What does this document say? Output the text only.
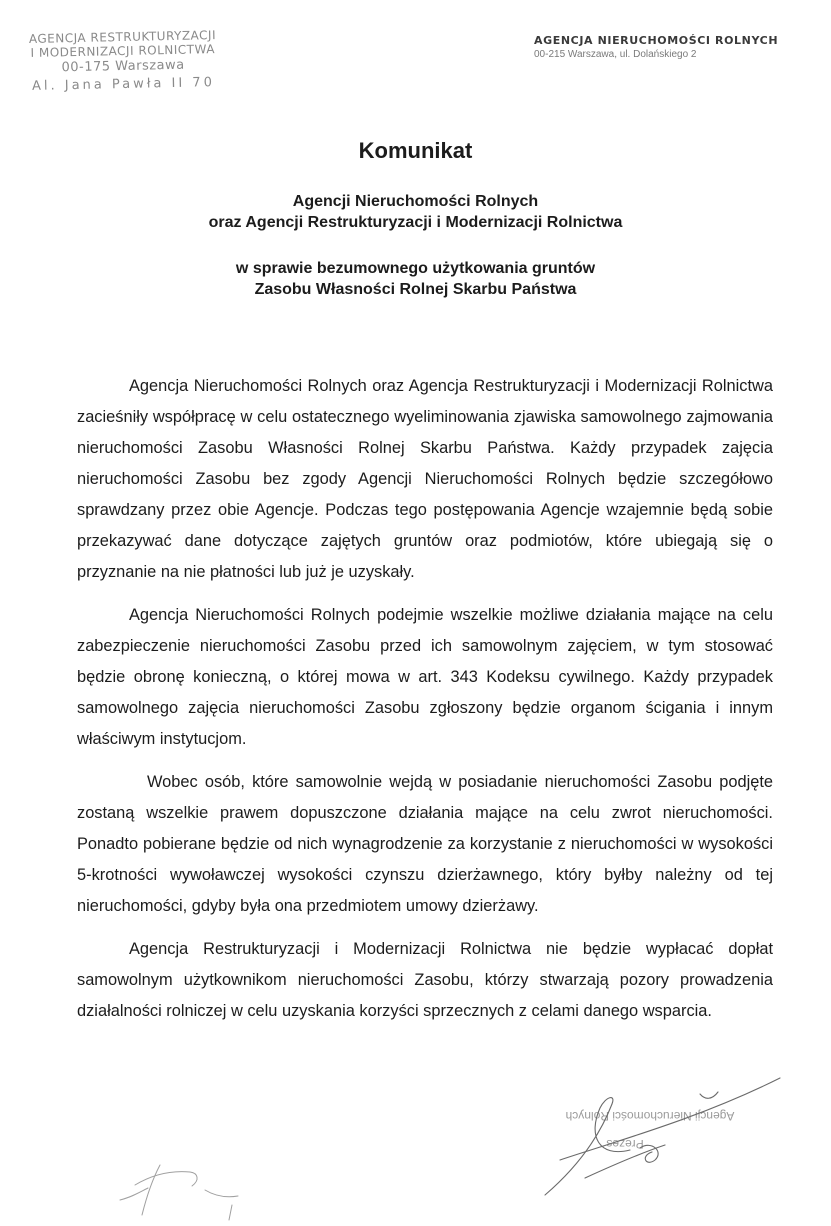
AGENCJA RESTRUKTURYZACJI
I MODERNIZACJI ROLNICTWA
00-175 Warszawa
Al. Jana Pawła II 70
AGENCJA NIERUCHOMOŚCI ROLNYCH
00-215 Warszawa, ul. Dolańskiego 2
Komunikat
Agencji Nieruchomości Rolnych
oraz Agencji Restrukturyzacji i Modernizacji Rolnictwa
w sprawie bezumownego użytkowania gruntów
Zasobu Własności Rolnej Skarbu Państwa

Agencja Nieruchomości Rolnych oraz Agencja Restrukturyzacji i Modernizacji Rolnictwa zacieśniły współpracę w celu ostatecznego wyeliminowania zjawiska samowolnego zajmowania nieruchomości Zasobu Własności Rolnej Skarbu Państwa. Każdy przypadek zajęcia nieruchomości Zasobu bez zgody Agencji Nieruchomości Rolnych będzie szczegółowo sprawdzany przez obie Agencje. Podczas tego postępowania Agencje wzajemnie będą sobie przekazywać dane dotyczące zajętych gruntów oraz podmiotów, które ubiegają się o przyznanie na nie płatności lub już je uzyskały.

Agencja Nieruchomości Rolnych podejmie wszelkie możliwe działania mające na celu zabezpieczenie nieruchomości Zasobu przed ich samowolnym zajęciem, w tym stosować będzie obronę konieczną, o której mowa w art. 343 Kodeksu cywilnego. Każdy przypadek samowolnego zajęcia nieruchomości Zasobu zgłoszony będzie organom ścigania i innym właściwym instytucjom.

Wobec osób, które samowolnie wejdą w posiadanie nieruchomości Zasobu podjęte zostaną wszelkie prawem dopuszczone działania mające na celu zwrot nieruchomości. Ponadto pobierane będzie od nich wynagrodzenie za korzystanie z nieruchomości w wysokości 5-krotności wywoławczej wysokości czynszu dzierżawnego, który byłby należny od tej nieruchomości, gdyby była ona przedmiotem umowy dzierżawy.

Agencja Restrukturyzacji i Modernizacji Rolnictwa nie będzie wypłacać dopłat samowolnym użytkownikom nieruchomości Zasobu, którzy stwarzają pozory prowadzenia działalności rolniczej w celu uzyskania korzyści sprzecznych z celami danego wsparcia.

Agencji Nieruchomości Rolnych
Prezes
